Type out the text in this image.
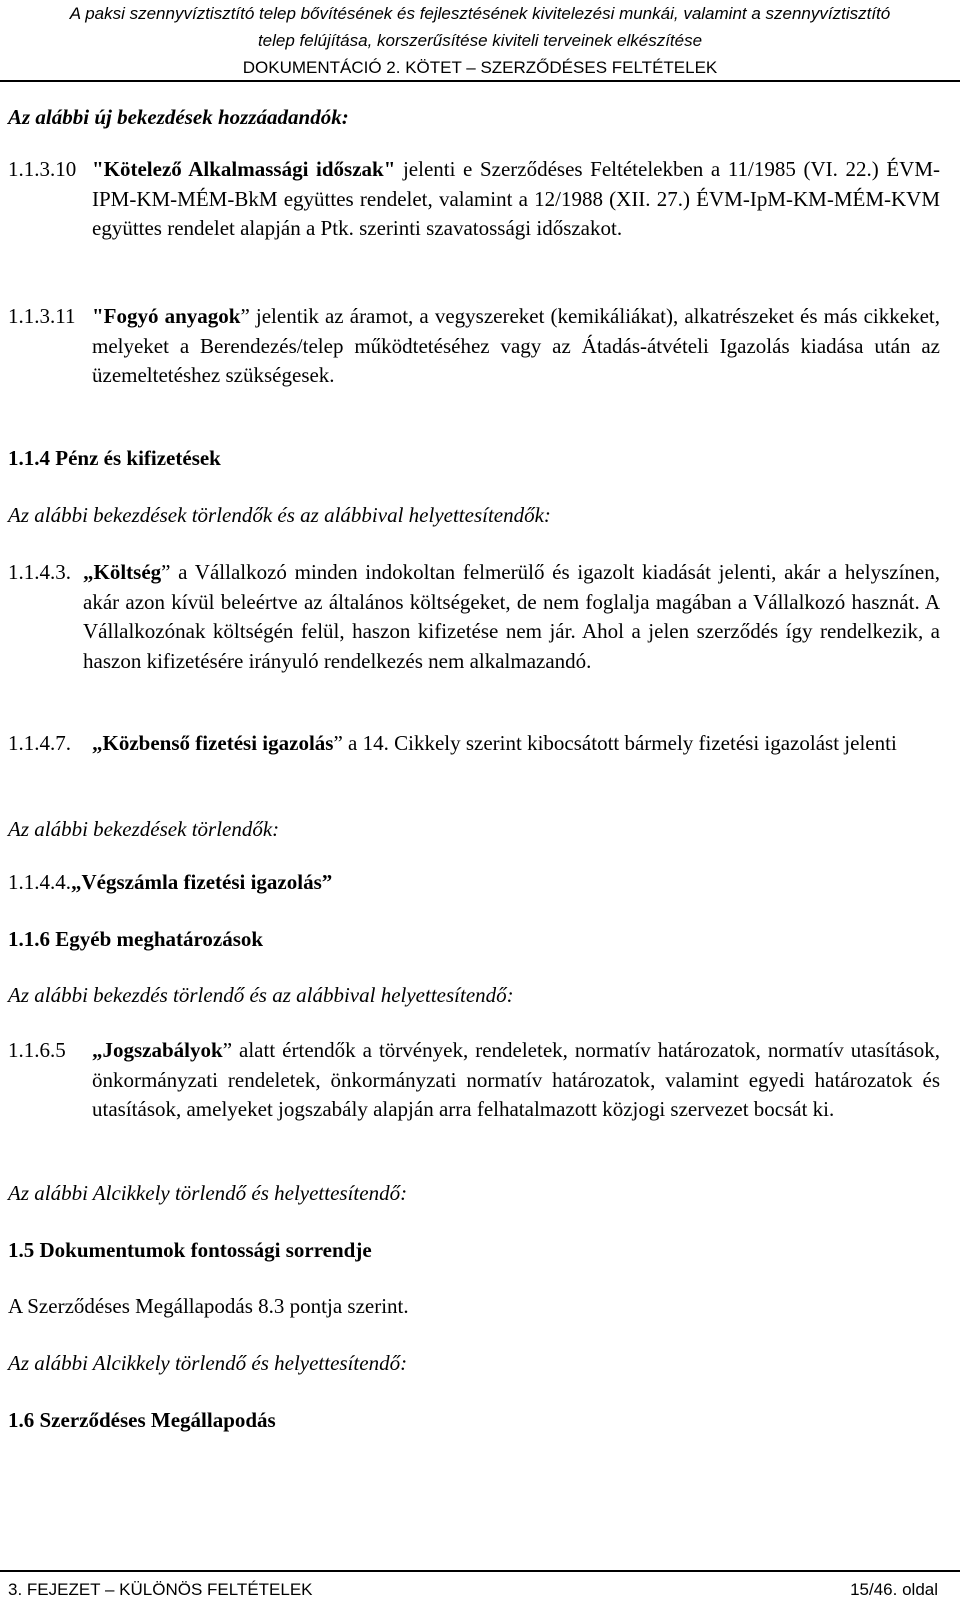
A paksi szennyvíztisztító telep bővítésének és fejlesztésének kivitelezési munkái, valamint a szennyvíztisztító
telep felújítása, korszerűsítése kiviteli terveinek elkészítése
DOKUMENTÁCIÓ 2. KÖTET – SZERZŐDÉSES FELTÉTELEK

Az alábbi új bekezdések hozzáadandók:

1.1.3.10 "Kötelező Alkalmassági időszak" jelenti e Szerződéses Feltételekben a 11/1985 (VI. 22.) ÉVM-IPM-KM-MÉM-BkM együttes rendelet, valamint a 12/1988 (XII. 27.) ÉVM-IpM-KM-MÉM-KVM együttes rendelet alapján a Ptk. szerinti szavatossági időszakot.
1.1.3.11 "Fogyó anyagok” jelentik az áramot, a vegyszereket (kemikáliákat), alkatrészeket és más cikkeket, melyeket a Berendezés/telep működtetéséhez vagy az Átadás-átvételi Igazolás kiadása után az üzemeltetéshez szükségesek.

1.1.4 Pénz és kifizetések

Az alábbi bekezdések törlendők és az alábbival helyettesítendők:

1.1.4.3. „Költség” a Vállalkozó minden indokoltan felmerülő és igazolt kiadását jelenti, akár a helyszínen, akár azon kívül beleértve az általános költségeket, de nem foglalja magában a Vállalkozó hasznát. A Vállalkozónak költségén felül, haszon kifizetése nem jár. Ahol a jelen szerződés így rendelkezik, a haszon kifizetésére irányuló rendelkezés nem alkalmazandó.
1.1.4.7.	„Közbenső fizetési igazolás” a 14. Cikkely szerint kibocsátott bármely fizetési igazolást jelenti

Az alábbi bekezdések törlendők:

1.1.4.4. „Végszámla fizetési igazolás”

1.1.6 Egyéb meghatározások

Az alábbi bekezdés törlendő és az alábbival helyettesítendő:

1.1.6.5	„Jogszabályok” alatt értendők a törvények, rendeletek, normatív határozatok, normatív utasítások, önkormányzati rendeletek, önkormányzati normatív határozatok, valamint egyedi határozatok és utasítások, amelyeket jogszabály alapján arra felhatalmazott közjogi szervezet bocsát ki.

Az alábbi Alcikkely törlendő és helyettesítendő:

1.5 Dokumentumok fontossági sorrendje

A Szerződéses Megállapodás 8.3 pontja szerint.

Az alábbi Alcikkely törlendő és helyettesítendő:

1.6 Szerződéses Megállapodás

3. FEJEZET – KÜLÖNÖS FELTÉTELEK	15/46. oldal
